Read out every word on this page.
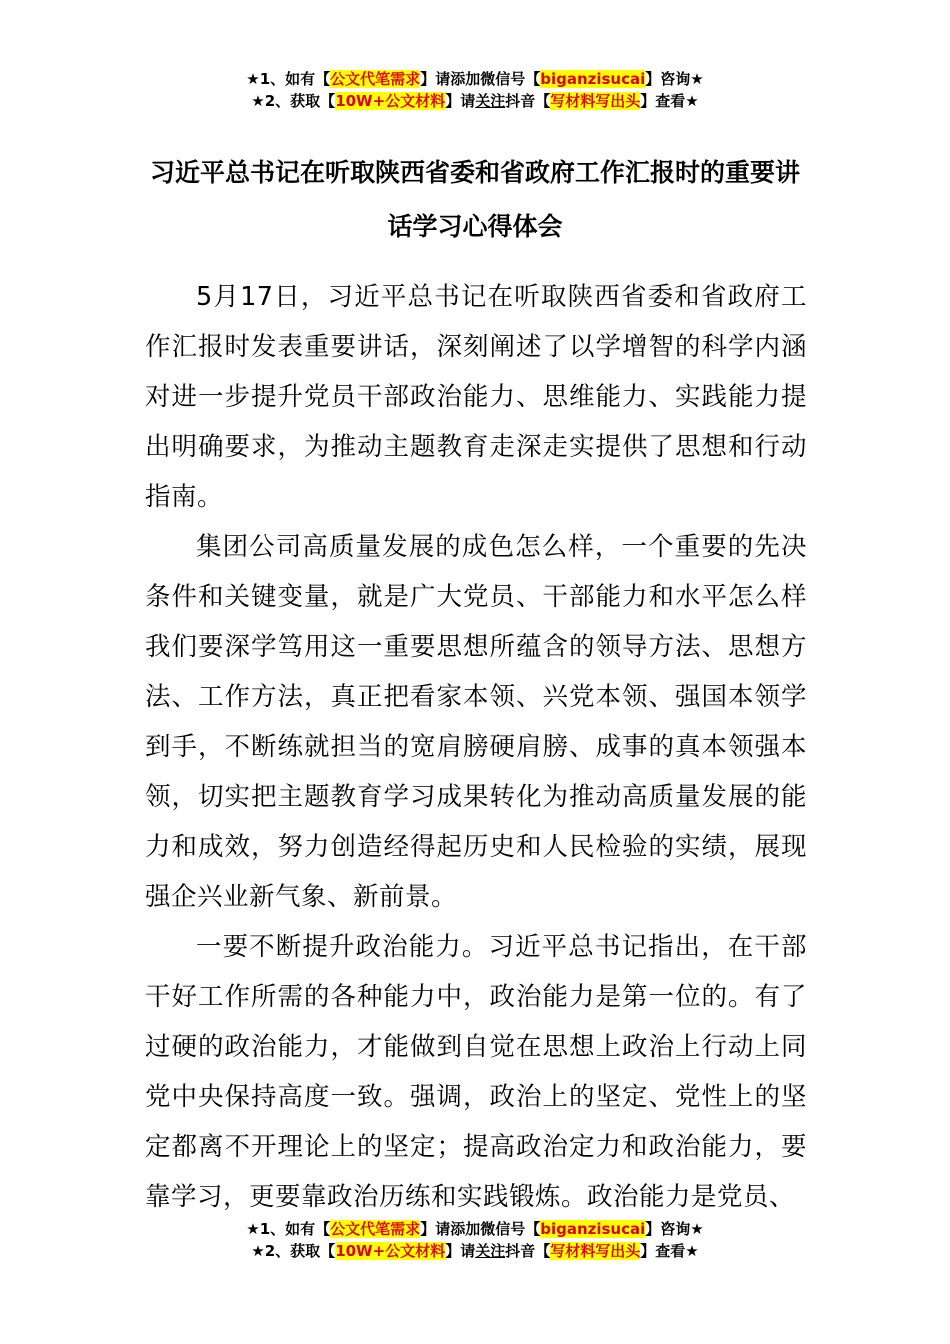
★1、如有【公文代笔需求】请添加微信号【biganzisucai】咨询★
★2、获取【10W+公文材料】请关注抖音【写材料写出头】查看★
习近平总书记在听取陕西省委和省政府工作汇报时的重要讲话学习心得体会

5月17日，习近平总书记在听取陕西省委和省政府工作汇报时发表重要讲话，深刻阐述了以学增智的科学内涵对进一步提升党员干部政治能力、思维能力、实践能力提出明确要求，为推动主题教育走深走实提供了思想和行动指南。

集团公司高质量发展的成色怎么样，一个重要的先决条件和关键变量，就是广大党员、干部能力和水平怎么样我们要深学笃用这一重要思想所蕴含的领导方法、思想方法、工作方法，真正把看家本领、兴党本领、强国本领学到手，不断练就担当的宽肩膀硬肩膀、成事的真本领强本领，切实把主题教育学习成果转化为推动高质量发展的能力和成效，努力创造经得起历史和人民检验的实绩，展现强企兴业新气象、新前景。

一要不断提升政治能力。习近平总书记指出，在干部干好工作所需的各种能力中，政治能力是第一位的。有了过硬的政治能力，才能做到自觉在思想上政治上行动上同党中央保持高度一致。强调，政治上的坚定、党性上的坚定都离不开理论上的坚定；提高政治定力和政治能力，要靠学习，更要靠政治历练和实践锻炼。政治能力是党员、

★1、如有【公文代笔需求】请添加微信号【biganzisucai】咨询★
★2、获取【10W+公文材料】请关注抖音【写材料写出头】查看★
